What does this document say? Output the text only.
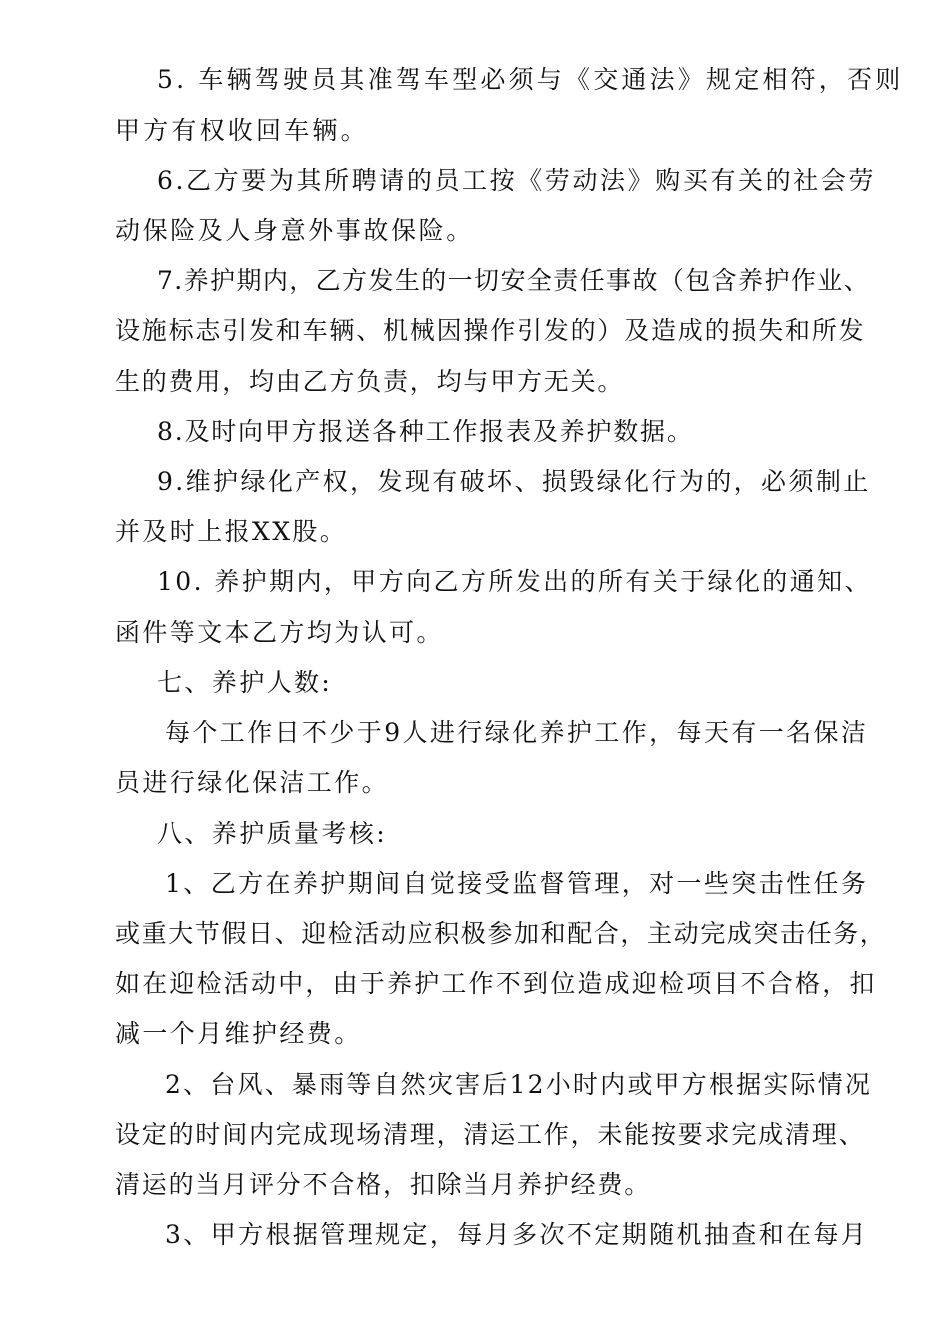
5. 车辆驾驶员其准驾车型必须与《交通法》规定相符，否则
甲方有权收回车辆。
6.乙方要为其所聘请的员工按《劳动法》购买有关的社会劳
动保险及人身意外事故保险。
7.养护期内，乙方发生的一切安全责任事故（包含养护作业、
设施标志引发和车辆、机械因操作引发的）及造成的损失和所发
生的费用，均由乙方负责，均与甲方无关。
8.及时向甲方报送各种工作报表及养护数据。
9.维护绿化产权，发现有破坏、损毁绿化行为的，必须制止
并及时上报XX股。
10. 养护期内，甲方向乙方所发出的所有关于绿化的通知、
函件等文本乙方均为认可。
七、养护人数:
每个工作日不少于9人进行绿化养护工作，每天有一名保洁
员进行绿化保洁工作。
八、养护质量考核:
1、乙方在养护期间自觉接受监督管理，对一些突击性任务
或重大节假日、迎检活动应积极参加和配合，主动完成突击任务，
如在迎检活动中，由于养护工作不到位造成迎检项目不合格，扣
减一个月维护经费。
2、台风、暴雨等自然灾害后12小时内或甲方根据实际情况
设定的时间内完成现场清理，清运工作，未能按要求完成清理、
清运的当月评分不合格，扣除当月养护经费。
3、甲方根据管理规定，每月多次不定期随机抽查和在每月
